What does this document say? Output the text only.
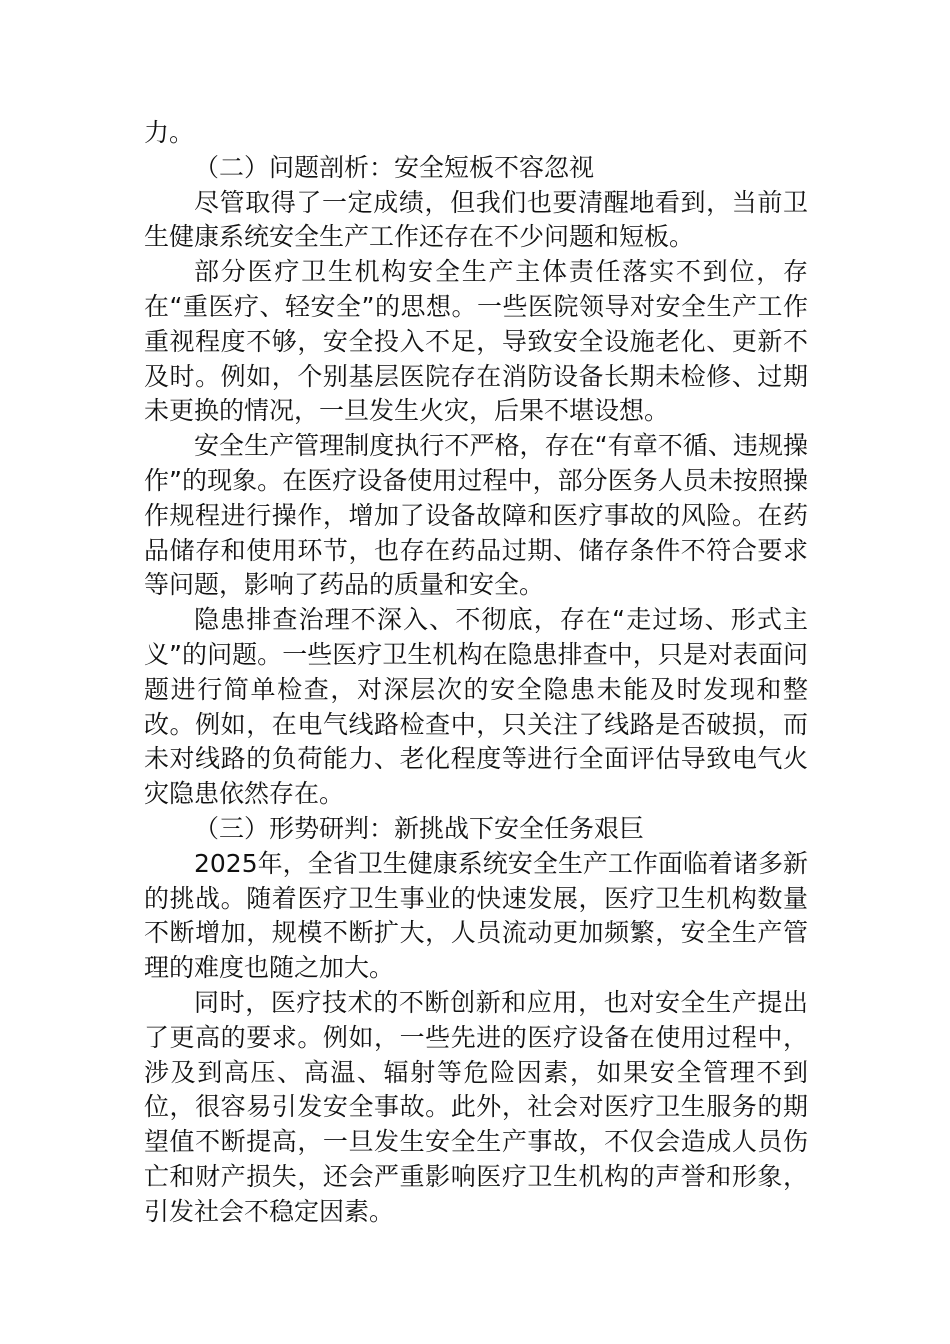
力。

（二）问题剖析：安全短板不容忽视

尽管取得了一定成绩，但我们也要清醒地看到，当前卫生健康系统安全生产工作还存在不少问题和短板。

部分医疗卫生机构安全生产主体责任落实不到位，存在“重医疗、轻安全”的思想。一些医院领导对安全生产工作重视程度不够，安全投入不足，导致安全设施老化、更新不及时。例如，个别基层医院存在消防设备长期未检修、过期未更换的情况，一旦发生火灾，后果不堪设想。

安全生产管理制度执行不严格，存在“有章不循、违规操作”的现象。在医疗设备使用过程中，部分医务人员未按照操作规程进行操作，增加了设备故障和医疗事故的风险。在药品储存和使用环节，也存在药品过期、储存条件不符合要求等问题，影响了药品的质量和安全。

隐患排查治理不深入、不彻底，存在“走过场、形式主义”的问题。一些医疗卫生机构在隐患排查中，只是对表面问题进行简单检查，对深层次的安全隐患未能及时发现和整改。例如，在电气线路检查中，只关注了线路是否破损，而未对线路的负荷能力、老化程度等进行全面评估导致电气火灾隐患依然存在。

（三）形势研判：新挑战下安全任务艰巨

2025年，全省卫生健康系统安全生产工作面临着诸多新的挑战。随着医疗卫生事业的快速发展，医疗卫生机构数量不断增加，规模不断扩大，人员流动更加频繁，安全生产管理的难度也随之加大。

同时，医疗技术的不断创新和应用，也对安全生产提出了更高的要求。例如，一些先进的医疗设备在使用过程中，涉及到高压、高温、辐射等危险因素，如果安全管理不到位，很容易引发安全事故。此外，社会对医疗卫生服务的期望值不断提高，一旦发生安全生产事故，不仅会造成人员伤亡和财产损失，还会严重影响医疗卫生机构的声誉和形象，引发社会不稳定因素。
